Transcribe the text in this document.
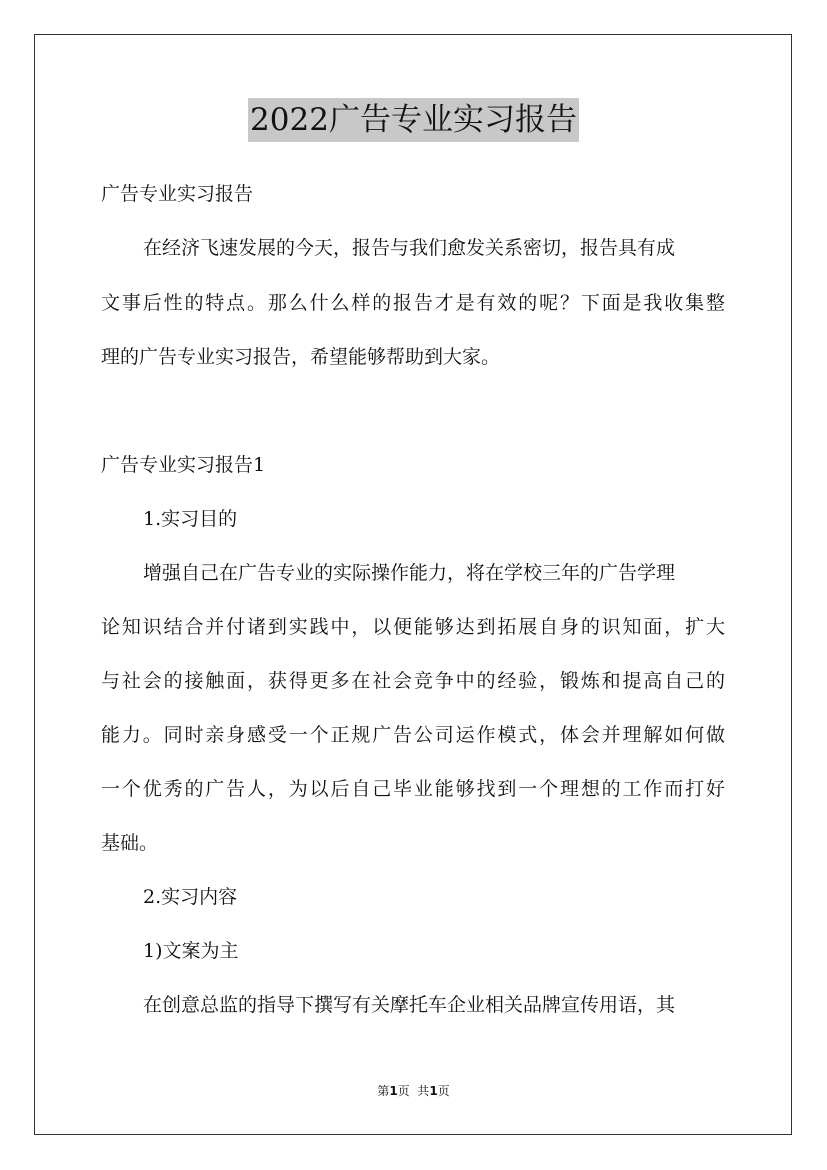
2022广告专业实习报告
广告专业实习报告
在经济飞速发展的今天，报告与我们愈发关系密切，报告具有成
文事后性的特点。那么什么样的报告才是有效的呢？下面是我收集整
理的广告专业实习报告，希望能够帮助到大家。
广告专业实习报告1
1.实习目的
增强自己在广告专业的实际操作能力，将在学校三年的广告学理
论知识结合并付诸到实践中，以便能够达到拓展自身的识知面，扩大
与社会的接触面，获得更多在社会竞争中的经验，锻炼和提高自己的
能力。同时亲身感受一个正规广告公司运作模式，体会并理解如何做
一个优秀的广告人，为以后自己毕业能够找到一个理想的工作而打好
基础。
2.实习内容
1)文案为主
在创意总监的指导下撰写有关摩托车企业相关品牌宣传用语，其
第1页  共1页
